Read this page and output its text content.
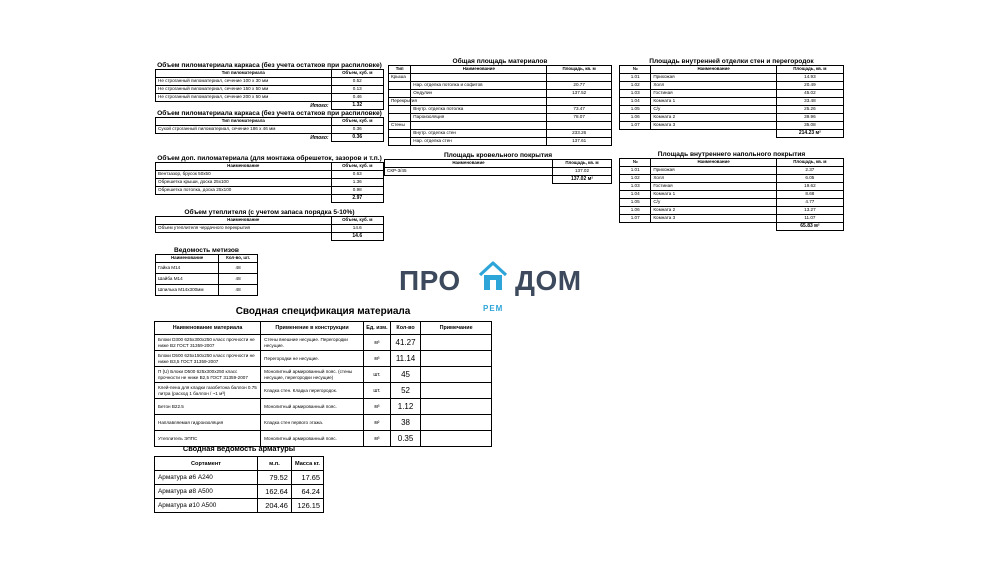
Объем пиломатериала каркаса (без учета остатков при распиловке)
Тип пиломатериала	Объем, куб. м
Не строганный пиломатериал, сечение 100 x 30 мм	0.52
Не строганный пиломатериал, сечение 150 x 50 мм	0.13
Не строганный пиломатериал, сечение 200 x 50 мм	0.46
Итого:	1.32
Объем пиломатериала каркаса (без учета остатков при распиловке)
Тип пиломатериала	Объем, куб. м
Сухой строганный пиломатериал, сечение 186 x 46 мм	0.36
Итого:	0.36
Объем доп. пиломатериала (для монтажа обрешеток, зазоров и т.п.)
Наименование	Объем, куб. м
Вентзазор, брусок 50x50	0.63
Обрешетка крыши, доска 25x100	1.36
Обрешетка потолка, доска 25x100	0.98
	2.97
Объем утеплителя (с учетом запаса порядка 5-10%)
Наименование	Объем, куб. м
Объем утеплителя чердачного перекрытия	14.6
	14.6
Ведомость метизов
Наименование	Кол-во, шт.
Гайка М14	48
Шайба М14	48
Шпилька М14x300мм	48
Общая площадь материалов
Тип	Наименование	Площадь, кв. м
Крыша		
	Нар. отделка потолка и софитов	20.77
	Ондулин	137.52
Перекрытия		
	Внутр. отделка потолка	73.47
	Пароизоляция	78.07
Стены		
	Внутр. отделка стен	233.26
	Нар. отделка стен	137.61
Площадь кровельного покрытия
Наименование	Площадь, кв. м
СКР-3/45	137.02
	137.02 м²
Площадь внутренней отделки стен и перегородок
№	Наименование	Площадь, кв. м
1.01	Прихожая	14.93
1.02	Холл	20.49
1.03	Гостиная	45.02
1.04	Комната 1	33.48
1.05	С/у	25.26
1.06	Комната 2	39.96
1.07	Комната 3	35.08
		214.23 м²
Площадь внутреннего напольного покрытия
№	Наименование	Площадь, кв. м
1.01	Прихожая	2.37
1.02	Холл	6.05
1.03	Гостиная	19.62
1.04	Комната 1	8.68
1.05	С/у	4.77
1.06	Комната 2	13.27
1.07	Комната 3	11.07
		65.83 м²
ПРО
РЕМ
ДОМ
Сводная спецификация материала
Наименование материала	Применение в конструкции	Ед. изм.	Кол-во	Примечание
Блоки D300 625x300x250 класс прочности не ниже В2 ГОСТ 31359-2007	Стены внешние несущие. Перегородки несущие.	м³	41.27	
Блоки D500 625x150x250 класс прочности не ниже В3,5 ГОСТ 31359-2007	Перегородки не несущие.	м³	11.14	
П (U) Блоки D500 625x300x250 класс прочности не ниже В2,5 ГОСТ 31359-2007	Монолитный армированный пояс. (стены несущие, перегородки несущие)	шт.	45	
Клей-пена для кладки газобетона баллон 0.75 литра (расход 1 баллон / ~1 м³)	Кладка стен. Кладка перегородок.	шт.	52	
Бетон В22.5	Монолитный армированный пояс.	м³	1.12	
Наплавляемая гидроизоляция	Кладка стен первого этажа.	м²	38	
Утеплитель ЭППС	Монолитный армированный пояс.	м³	0.35	
Сводная ведомость арматуры
Сортамент	м.п.	Масса кг.
Арматура ø6 А240	79.52	17.65
Арматура ø8 А500	162.64	64.24
Арматура ø10 А500	204.46	126.15
